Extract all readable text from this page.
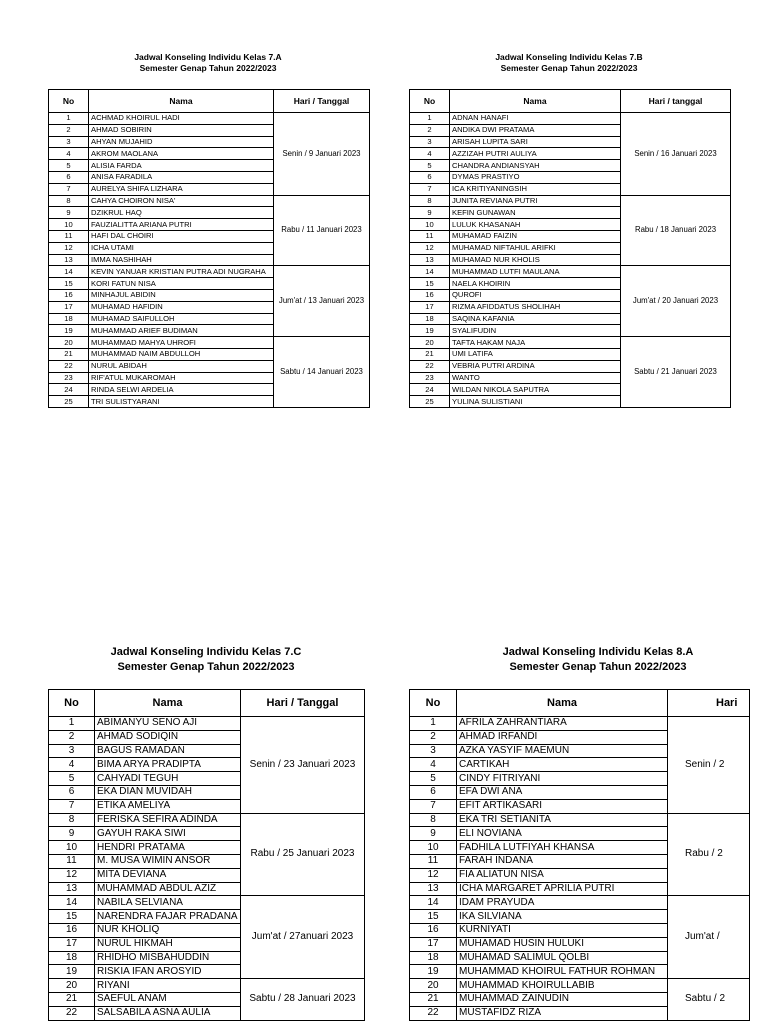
Jadwal Konseling Individu Kelas 7.A
Semester Genap Tahun 2022/2023
No	Nama	Hari / Tanggal
1	ACHMAD KHOIRUL HADI	Senin / 9 Januari 2023
2	AHMAD SOBIRIN	
3	AHYAN MUJAHID	
4	AKROM MAOLANA	
5	ALISIA FARDA	
6	ANISA FARADILA	
7	AURELYA SHIFA LIZHARA	
8	CAHYA CHOIRON NISA'	Rabu / 11 Januari 2023
9	DZIKRUL HAQ	
10	FAUZIALITTA ARIANA PUTRI	
11	HAFI DAL CHOIRI	
12	ICHA UTAMI	
13	IMMA NASHIHAH	
14	KEVIN YANUAR KRISTIAN PUTRA ADI NUGRAHA	Jum'at / 13 Januari 2023
15	KORI FATUN NISA	
16	MINHAJUL ABIDIN	
17	MUHAMAD HAFIDIN	
18	MUHAMAD SAIFULLOH	
19	MUHAMMAD ARIEF BUDIMAN	
20	MUHAMMAD MAHYA UHROFI	Sabtu / 14 Januari 2023
21	MUHAMMAD NAIM ABDULLOH	
22	NURUL ABIDAH	
23	RIF'ATUL MUKAROMAH	
24	RINDA SELWI ARDELIA	
25	TRI SULISTYARANI	
Jadwal Konseling Individu Kelas 7.B
Semester Genap Tahun 2022/2023
No	Nama	Hari / tanggal
1	ADNAN HANAFI	Senin / 16 Januari 2023
2	ANDIKA DWI PRATAMA	
3	ARISAH LUPITA SARI	
4	AZZIZAH PUTRI AULIYA	
5	CHANDRA ANDIANSYAH	
6	DYMAS PRASTIYO	
7	ICA KRITIYANINGSIH	
8	JUNITA REVIANA PUTRI	Rabu / 18 Januari 2023
9	KEFIN GUNAWAN	
10	LULUK KHASANAH	
11	MUHAMAD FAIZIN	
12	MUHAMAD NIFTAHUL ARIFKI	
13	MUHAMAD NUR KHOLIS	
14	MUHAMMAD LUTFI MAULANA	Jum'at / 20 Januari 2023
15	NAELA KHOIRIN	
16	QUROFI	
17	RIZMA AFIDDATUS SHOLIHAH	
18	SAQINA KAFANIA	
19	SYALIFUDIN	
20	TAFTA HAKAM NAJA	Sabtu / 21 Januari 2023
21	UMI LATIFA	
22	VEBRIA PUTRI ARDINA	
23	WANTO	
24	WILDAN NIKOLA SAPUTRA	
25	YULINA SULISTIANI	
Jadwal Konseling Individu Kelas 7.C
Semester Genap Tahun 2022/2023
No	Nama	Hari / Tanggal
1	ABIMANYU SENO AJI	Senin / 23 Januari 2023
2	AHMAD SODIQIN	
3	BAGUS RAMADAN	
4	BIMA ARYA PRADIPTA	
5	CAHYADI TEGUH	
6	EKA DIAN MUVIDAH	
7	ETIKA AMELIYA	
8	FERISKA SEFIRA ADINDA	Rabu / 25 Januari 2023
9	GAYUH RAKA SIWI	
10	HENDRI PRATAMA	
11	M. MUSA WIMIN ANSOR	
12	MITA DEVIANA	
13	MUHAMMAD ABDUL AZIZ	
14	NABILA SELVIANA	Jum'at / 27anuari 2023
15	NARENDRA FAJAR PRADANA	
16	NUR KHOLIQ	
17	NURUL HIKMAH	
18	RHIDHO MISBAHUDDIN	
19	RISKIA IFAN AROSYID	
20	RIYANI	Sabtu / 28 Januari 2023
21	SAEFUL ANAM	
22	SALSABILA ASNA AULIA	
Jadwal Konseling Individu Kelas 8.A
Semester Genap Tahun 2022/2023
No	Nama	Hari
1	AFRILA ZAHRANTIARA	Senin / 2
2	AHMAD IRFANDI	
3	AZKA YASYIF MAEMUN	
4	CARTIKAH	
5	CINDY FITRIYANI	
6	EFA DWI ANA	
7	EFIT ARTIKASARI	
8	EKA TRI SETIANITA	Rabu / 2
9	ELI NOVIANA	
10	FADHILA LUTFIYAH KHANSA	
11	FARAH INDANA	
12	FIA ALIATUN NISA	
13	ICHA MARGARET APRILIA PUTRI	
14	IDAM PRAYUDA	Jum'at /
15	IKA SILVIANA	
16	KURNIYATI	
17	MUHAMAD HUSIN HULUKI	
18	MUHAMAD SALIMUL QOLBI	
19	MUHAMMAD KHOIRUL FATHUR ROHMAN	
20	MUHAMMAD KHOIRULLABIB	Sabtu / 2
21	MUHAMMAD ZAINUDIN	
22	MUSTAFIDZ RIZA	
